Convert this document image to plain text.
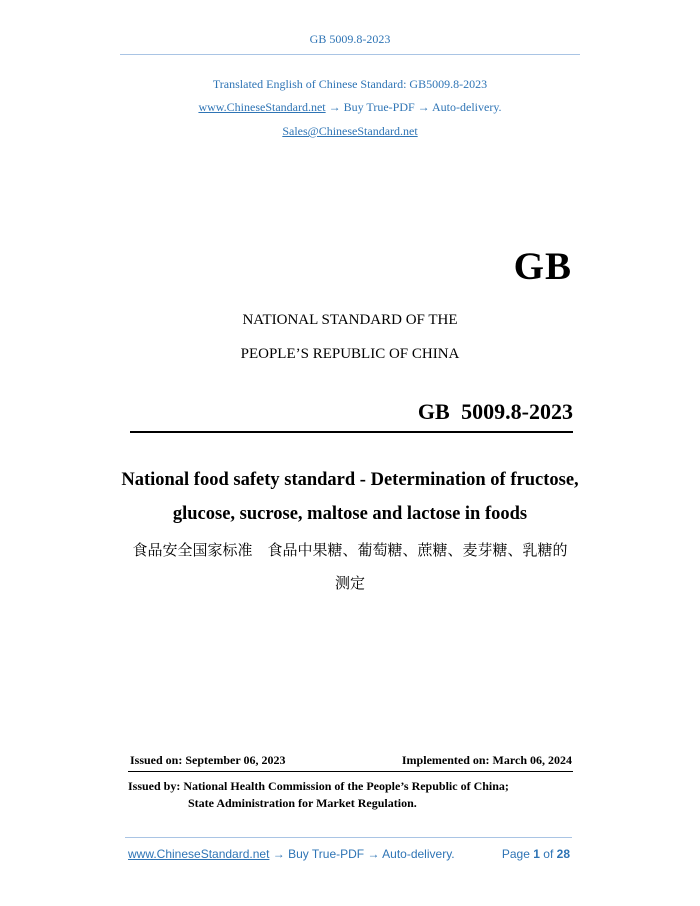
GB 5009.8-2023
Translated English of Chinese Standard: GB5009.8-2023
www.ChineseStandard.net → Buy True-PDF → Auto-delivery.
Sales@ChineseStandard.net
GB
NATIONAL STANDARD OF THE
PEOPLE’S REPUBLIC OF CHINA
GB 5009.8-2023
National food safety standard - Determination of fructose,
glucose, sucrose, maltose and lactose in foods
食品安全国家标准　食品中果糖、葡萄糖、蔗糖、麦芽糖、乳糖的
测定
Issued on: September 06, 2023	Implemented on: March 06, 2024
Issued by: National Health Commission of the People’s Republic of China;
State Administration for Market Regulation.
www.ChineseStandard.net → Buy True-PDF → Auto-delivery.	Page 1 of 28
